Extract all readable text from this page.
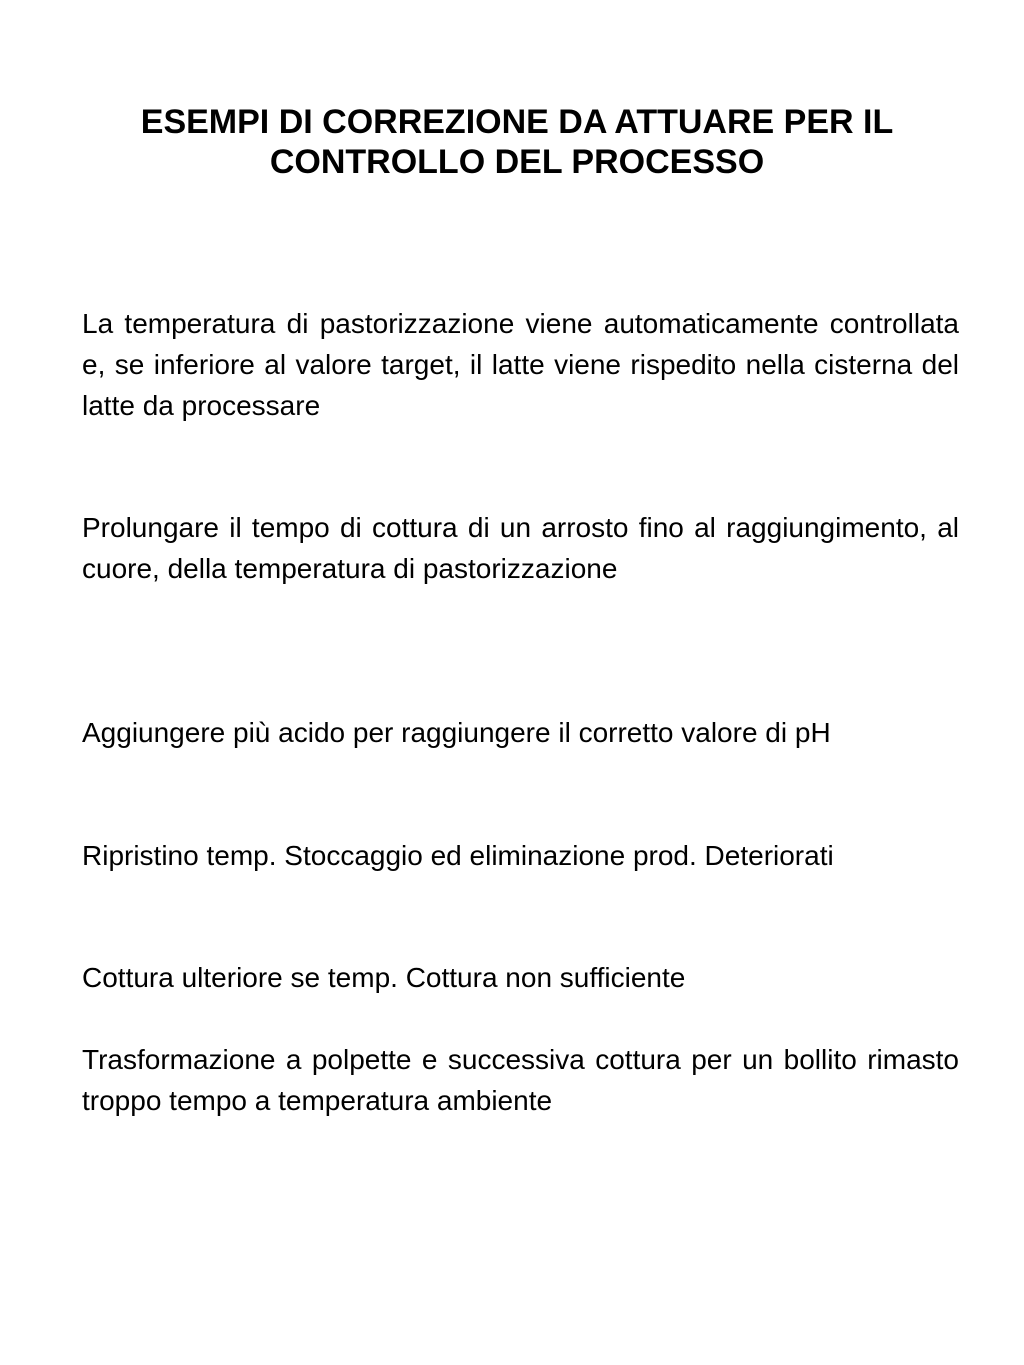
ESEMPI DI CORREZIONE DA ATTUARE PER IL CONTROLLO DEL PROCESSO

La temperatura di pastorizzazione viene automaticamente controllata e, se inferiore al valore target, il latte viene rispedito nella cisterna del latte da processare

Prolungare il tempo di cottura di un arrosto fino al raggiungimento, al cuore, della temperatura di pastorizzazione

Aggiungere più acido per raggiungere il corretto valore di pH

Ripristino temp. Stoccaggio ed eliminazione prod. Deteriorati

Cottura ulteriore se temp. Cottura non sufficiente

Trasformazione a polpette e successiva cottura per un bollito rimasto troppo tempo a temperatura ambiente
